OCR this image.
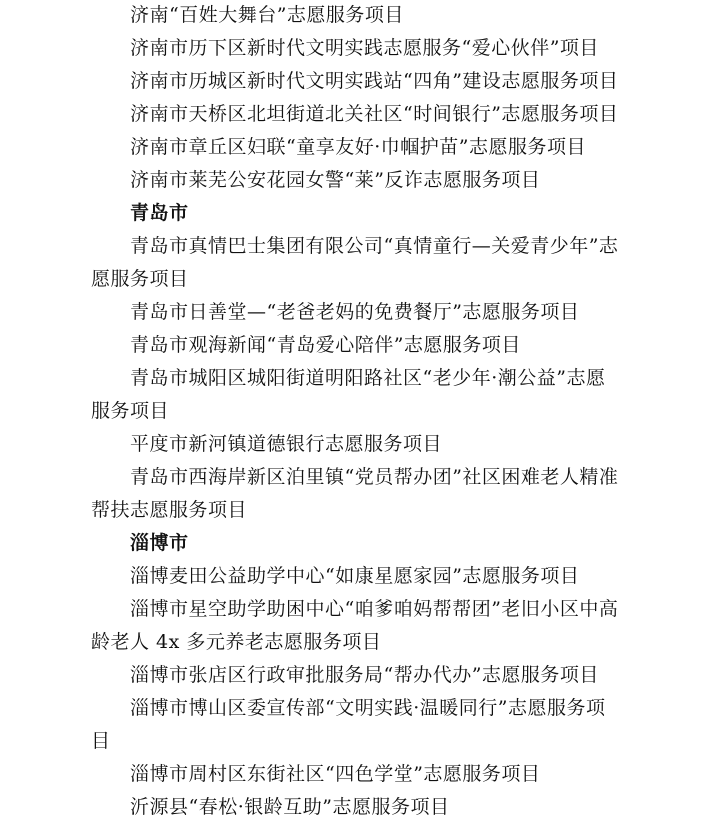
济南“百姓大舞台”志愿服务项目
济南市历下区新时代文明实践志愿服务“爱心伙伴”项目
济南市历城区新时代文明实践站“四角”建设志愿服务项目
济南市天桥区北坦街道北关社区“时间银行”志愿服务项目
济南市章丘区妇联“童享友好·巾帼护苗”志愿服务项目
济南市莱芜公安花园女警“莱”反诈志愿服务项目
青岛市
青岛市真情巴士集团有限公司“真情童行—关爱青少年”志
愿服务项目
青岛市日善堂—“老爸老妈的免费餐厅”志愿服务项目
青岛市观海新闻“青岛爱心陪伴”志愿服务项目
青岛市城阳区城阳街道明阳路社区“老少年·潮公益”志愿
服务项目
平度市新河镇道德银行志愿服务项目
青岛市西海岸新区泊里镇“党员帮办团”社区困难老人精准
帮扶志愿服务项目
淄博市
淄博麦田公益助学中心“如康星愿家园”志愿服务项目
淄博市星空助学助困中心“咱爹咱妈帮帮团”老旧小区中高
龄老人 4x 多元养老志愿服务项目
淄博市张店区行政审批服务局“帮办代办”志愿服务项目
淄博市博山区委宣传部“文明实践·温暖同行”志愿服务项
目
淄博市周村区东街社区“四色学堂”志愿服务项目
沂源县“春松·银龄互助”志愿服务项目
